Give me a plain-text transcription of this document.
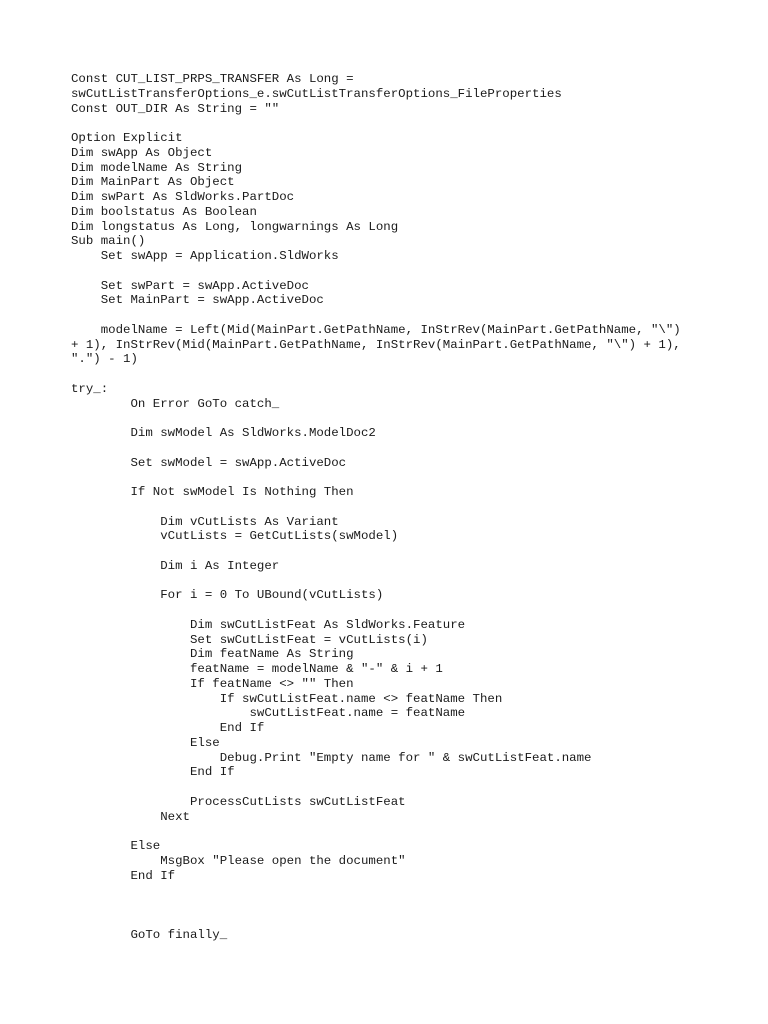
Const CUT_LIST_PRPS_TRANSFER As Long =
swCutListTransferOptions_e.swCutListTransferOptions_FileProperties
Const OUT_DIR As String = ""
Option Explicit
Dim swApp As Object
Dim modelName As String
Dim MainPart As Object
Dim swPart As SldWorks.PartDoc
Dim boolstatus As Boolean
Dim longstatus As Long, longwarnings As Long
Sub main()
Set swApp = Application.SldWorks
Set swPart = swApp.ActiveDoc
Set MainPart = swApp.ActiveDoc
modelName = Left(Mid(MainPart.GetPathName, InStrRev(MainPart.GetPathName, "\")
+ 1), InStrRev(Mid(MainPart.GetPathName, InStrRev(MainPart.GetPathName, "\") + 1),
".") - 1)
try_:
On Error GoTo catch_
Dim swModel As SldWorks.ModelDoc2
Set swModel = swApp.ActiveDoc
If Not swModel Is Nothing Then
Dim vCutLists As Variant
vCutLists = GetCutLists(swModel)
Dim i As Integer
For i = 0 To UBound(vCutLists)
Dim swCutListFeat As SldWorks.Feature
Set swCutListFeat = vCutLists(i)
Dim featName As String
featName = modelName & "-" & i + 1
If featName <> "" Then
If swCutListFeat.name <> featName Then
swCutListFeat.name = featName
End If
Else
Debug.Print "Empty name for " & swCutListFeat.name
End If
ProcessCutLists swCutListFeat
Next
Else
MsgBox "Please open the document"
End If
GoTo finally_
